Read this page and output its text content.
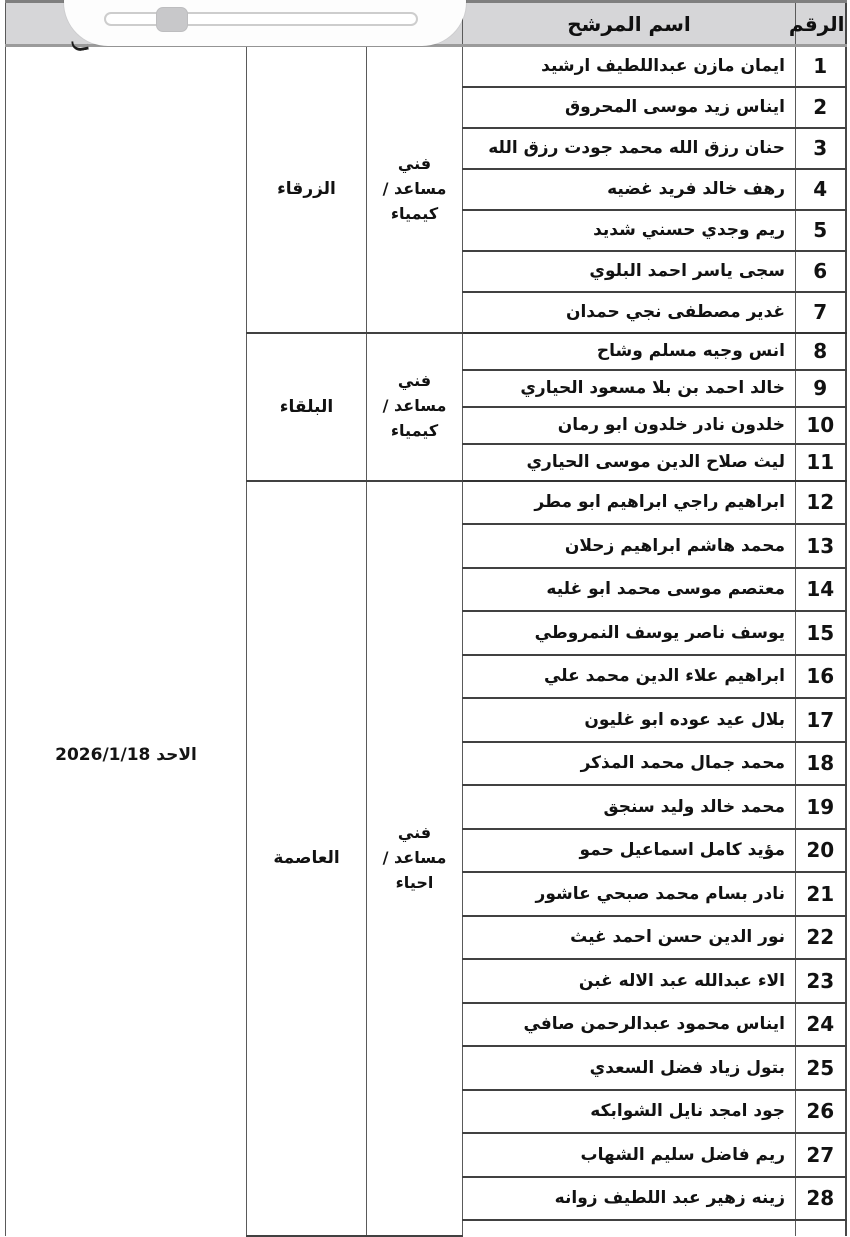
الرقم	اسم المرشح			
1	ايمان مازن عبداللطيف ارشيد	فني مساعد / كيمياء	الزرقاء	الاحد 2026/1/18

2	ايناس زيد موسى المحروق			
3	حنان رزق الله محمد جودت رزق الله			
4	رهف خالد فريد غضيه			
5	ريم وجدي حسني شديد			
6	سجى ياسر احمد البلوي			
7	غدير مصطفى نجي حمدان			
8	انس وجيه مسلم وشاح	فني مساعد / كيمياء	البلقاء	
9	خالد احمد بن بلا مسعود الحياري			
10	خلدون نادر خلدون ابو رمان			
11	ليث صلاح الدين موسى الحياري			
12	ابراهيم راجي ابراهيم ابو مطر	فني مساعد / احياء	العاصمة	
13	محمد هاشم ابراهيم زحلان			
14	معتصم موسى محمد ابو غليه			
15	يوسف ناصر يوسف النمروطي			
16	ابراهيم علاء الدين محمد علي			
17	بلال عيد عوده ابو غليون			
18	محمد جمال محمد المذكر			
19	محمد خالد وليد سنجق			
20	مؤيد كامل اسماعيل حمو			
21	نادر بسام محمد صبحي عاشور			
22	نور الدين حسن احمد غيث			
23	الاء عبدالله عبد الاله غبن			
24	ايناس محمود عبدالرحمن صافي			
25	بتول زياد فضل السعدي			
26	جود امجد نايل الشوابكه			
27	ريم فاضل سليم الشهاب			
28	زينه زهير عبد اللطيف زوانه			
